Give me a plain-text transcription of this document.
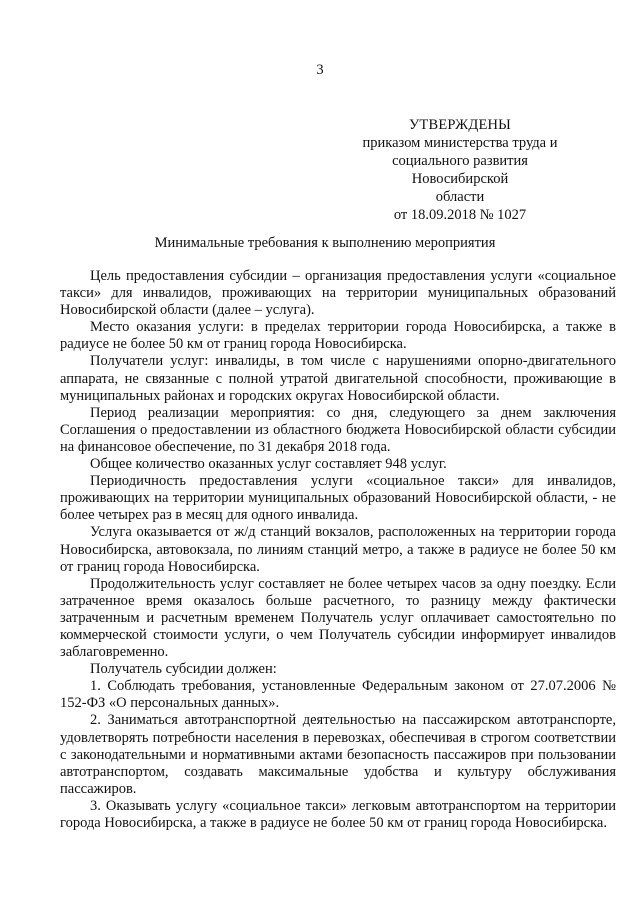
3
УТВЕРЖДЕНЫ
приказом министерства труда и
социального развития Новосибирской
области
от 18.09.2018 № 1027
Минимальные требования к выполнению мероприятия

Цель предоставления субсидии – организация предоставления услуги «социальное такси» для инвалидов, проживающих на территории муниципальных образований Новосибирской области (далее – услуга).

Место оказания услуги: в пределах территории города Новосибирска, а также в радиусе не более 50 км от границ города Новосибирска.

Получатели услуг: инвалиды, в том числе с нарушениями опорно-двигательного аппарата, не связанные с полной утратой двигательной способности, проживающие в муниципальных районах и городских округах Новосибирской области.

Период реализации мероприятия: со дня, следующего за днем заключения Соглашения о предоставлении из областного бюджета Новосибирской области субсидии на финансовое обеспечение, по 31 декабря 2018 года.

Общее количество оказанных услуг составляет 948 услуг.

Периодичность предоставления услуги «социальное такси» для инвалидов, проживающих на территории муниципальных образований Новосибирской области, - не более четырех раз в месяц для одного инвалида.

Услуга оказывается от ж/д станций вокзалов, расположенных на территории города Новосибирска, автовокзала, по линиям станций метро, а также в радиусе не более 50 км от границ города Новосибирска.

Продолжительность услуг составляет не более четырех часов за одну поездку. Если затраченное время оказалось больше расчетного, то разницу между фактически затраченным и расчетным временем Получатель услуг оплачивает самостоятельно по коммерческой стоимости услуги, о чем Получатель субсидии информирует инвалидов заблаговременно.

Получатель субсидии должен:

1. Соблюдать требования, установленные Федеральным законом от 27.07.2006 № 152-ФЗ «О персональных данных».

2. Заниматься автотранспортной деятельностью на пассажирском автотранспорте, удовлетворять потребности населения в перевозках, обеспечивая в строгом соответствии с законодательными и нормативными актами безопасность пассажиров при пользовании автотранспортом, создавать максимальные удобства и культуру обслуживания пассажиров.

3. Оказывать услугу «социальное такси» легковым автотранспортом на территории города Новосибирска, а также в радиусе не более 50 км от границ города Новосибирска.
